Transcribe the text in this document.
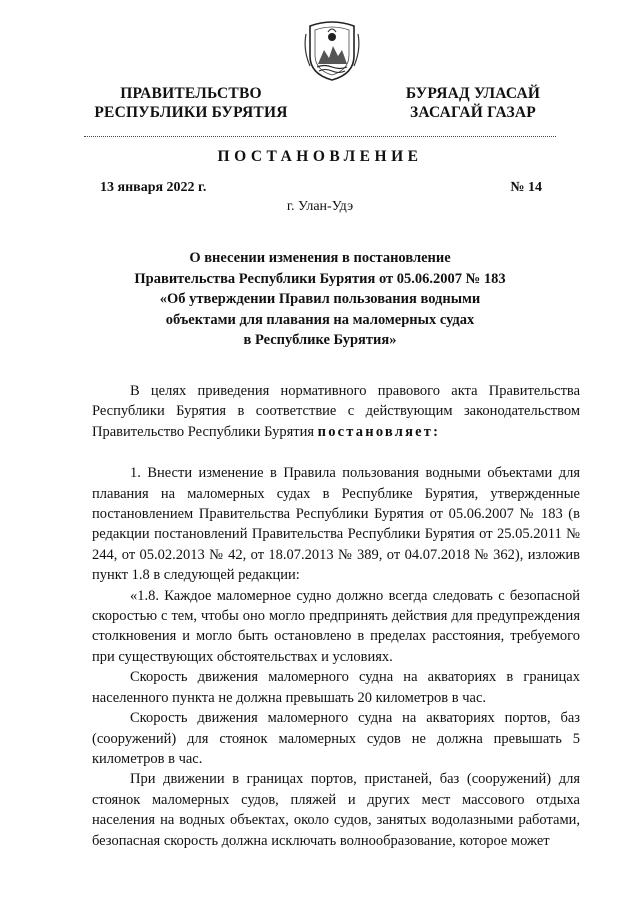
ПРАВИТЕЛЬСТВО
РЕСПУБЛИКИ БУРЯТИЯ
БУРЯАД УЛАСАЙ
ЗАСАГАЙ ГАЗАР
ПОСТАНОВЛЕНИЕ
13 января 2022 г.	№ 14
г. Улан-Удэ
О внесении изменения в постановление
Правительства Республики Бурятия от 05.06.2007 № 183
«Об утверждении Правил пользования водными
объектами для плавания на маломерных судах
в Республике Бурятия»

В целях приведения нормативного правового акта Правительства Республики Бурятия в соответствие с действующим законодательством Правительство Республики Бурятия постановляет:

1. Внести изменение в Правила пользования водными объектами для плавания на маломерных судах в Республике Бурятия, утвержденные постановлением Правительства Республики Бурятия от 05.06.2007 № 183 (в редакции постановлений Правительства Республики Бурятия от 25.05.2011 № 244, от 05.02.2013 № 42, от 18.07.2013 № 389, от 04.07.2018 № 362), изложив пункт 1.8 в следующей редакции:

«1.8. Каждое маломерное судно должно всегда следовать с безопасной скоростью с тем, чтобы оно могло предпринять действия для предупреждения столкновения и могло быть остановлено в пределах расстояния, требуемого при существующих обстоятельствах и условиях.

Скорость движения маломерного судна на акваториях в границах населенного пункта не должна превышать 20 километров в час.

Скорость движения маломерного судна на акваториях портов, баз (сооружений) для стоянок маломерных судов не должна превышать 5 километров в час.

При движении в границах портов, пристаней, баз (сооружений) для стоянок маломерных судов, пляжей и других мест массового отдыха населения на водных объектах, около судов, занятых водолазными работами, безопасная скорость должна исключать волнообразование, которое может
